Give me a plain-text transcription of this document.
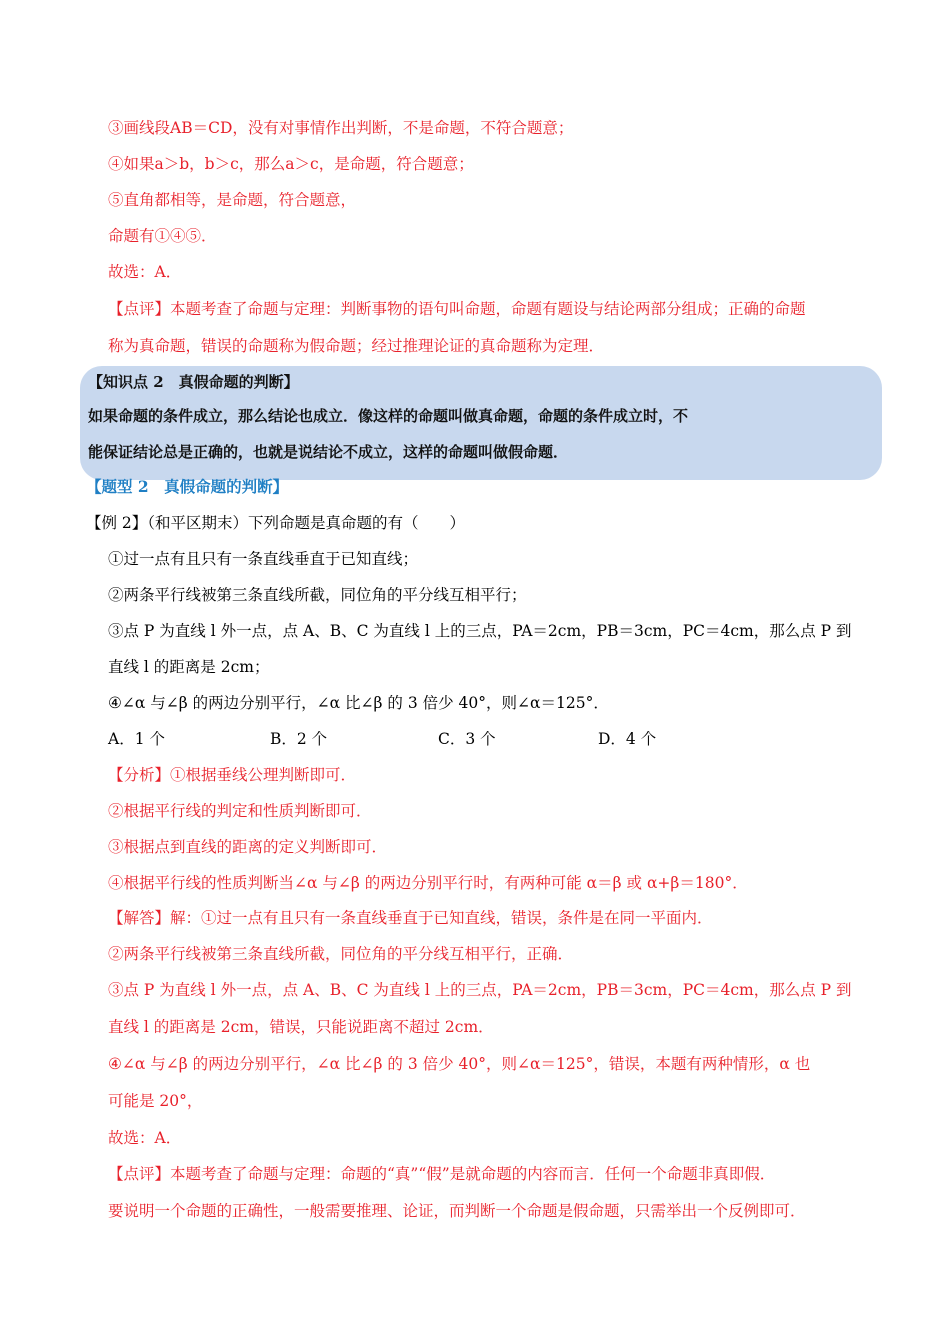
③画线段AB＝CD，没有对事情作出判断，不是命题，不符合题意；
④如果a＞b，b＞c，那么a＞c，是命题，符合题意；
⑤直角都相等，是命题，符合题意，
命题有①④⑤．
故选：A．
【点评】本题考查了命题与定理：判断事物的语句叫命题，命题有题设与结论两部分组成；正确的命题
称为真命题，错误的命题称为假命题；经过推理论证的真命题称为定理．
【知识点 2　真假命题的判断】
如果命题的条件成立，那么结论也成立．像这样的命题叫做真命题，命题的条件成立时，不
能保证结论总是正确的，也就是说结论不成立，这样的命题叫做假命题．
【题型 2　真假命题的判断】
【例 2】（和平区期末）下列命题是真命题的有（　　）
①过一点有且只有一条直线垂直于已知直线；
②两条平行线被第三条直线所截，同位角的平分线互相平行；
③点 P 为直线 l 外一点，点 A、B、C 为直线 l 上的三点，PA＝2cm，PB＝3cm，PC＝4cm，那么点 P 到
直线 l 的距离是 2cm；
④∠α 与∠β 的两边分别平行，∠α 比∠β 的 3 倍少 40°，则∠α＝125°．
A．1 个	B．2 个	C．3 个	D．4 个
【分析】①根据垂线公理判断即可．
②根据平行线的判定和性质判断即可．
③根据点到直线的距离的定义判断即可．
④根据平行线的性质判断当∠α 与∠β 的两边分别平行时，有两种可能 α＝β 或 α+β＝180°．
【解答】解：①过一点有且只有一条直线垂直于已知直线，错误，条件是在同一平面内．
②两条平行线被第三条直线所截，同位角的平分线互相平行，正确．
③点 P 为直线 l 外一点，点 A、B、C 为直线 l 上的三点，PA＝2cm，PB＝3cm，PC＝4cm，那么点 P 到
直线 l 的距离是 2cm，错误，只能说距离不超过 2cm．
④∠α 与∠β 的两边分别平行，∠α 比∠β 的 3 倍少 40°，则∠α＝125°，错误，本题有两种情形，α 也
可能是 20°，
故选：A．
【点评】本题考查了命题与定理：命题的“真”“假”是就命题的内容而言．任何一个命题非真即假．
要说明一个命题的正确性，一般需要推理、论证，而判断一个命题是假命题，只需举出一个反例即可．
